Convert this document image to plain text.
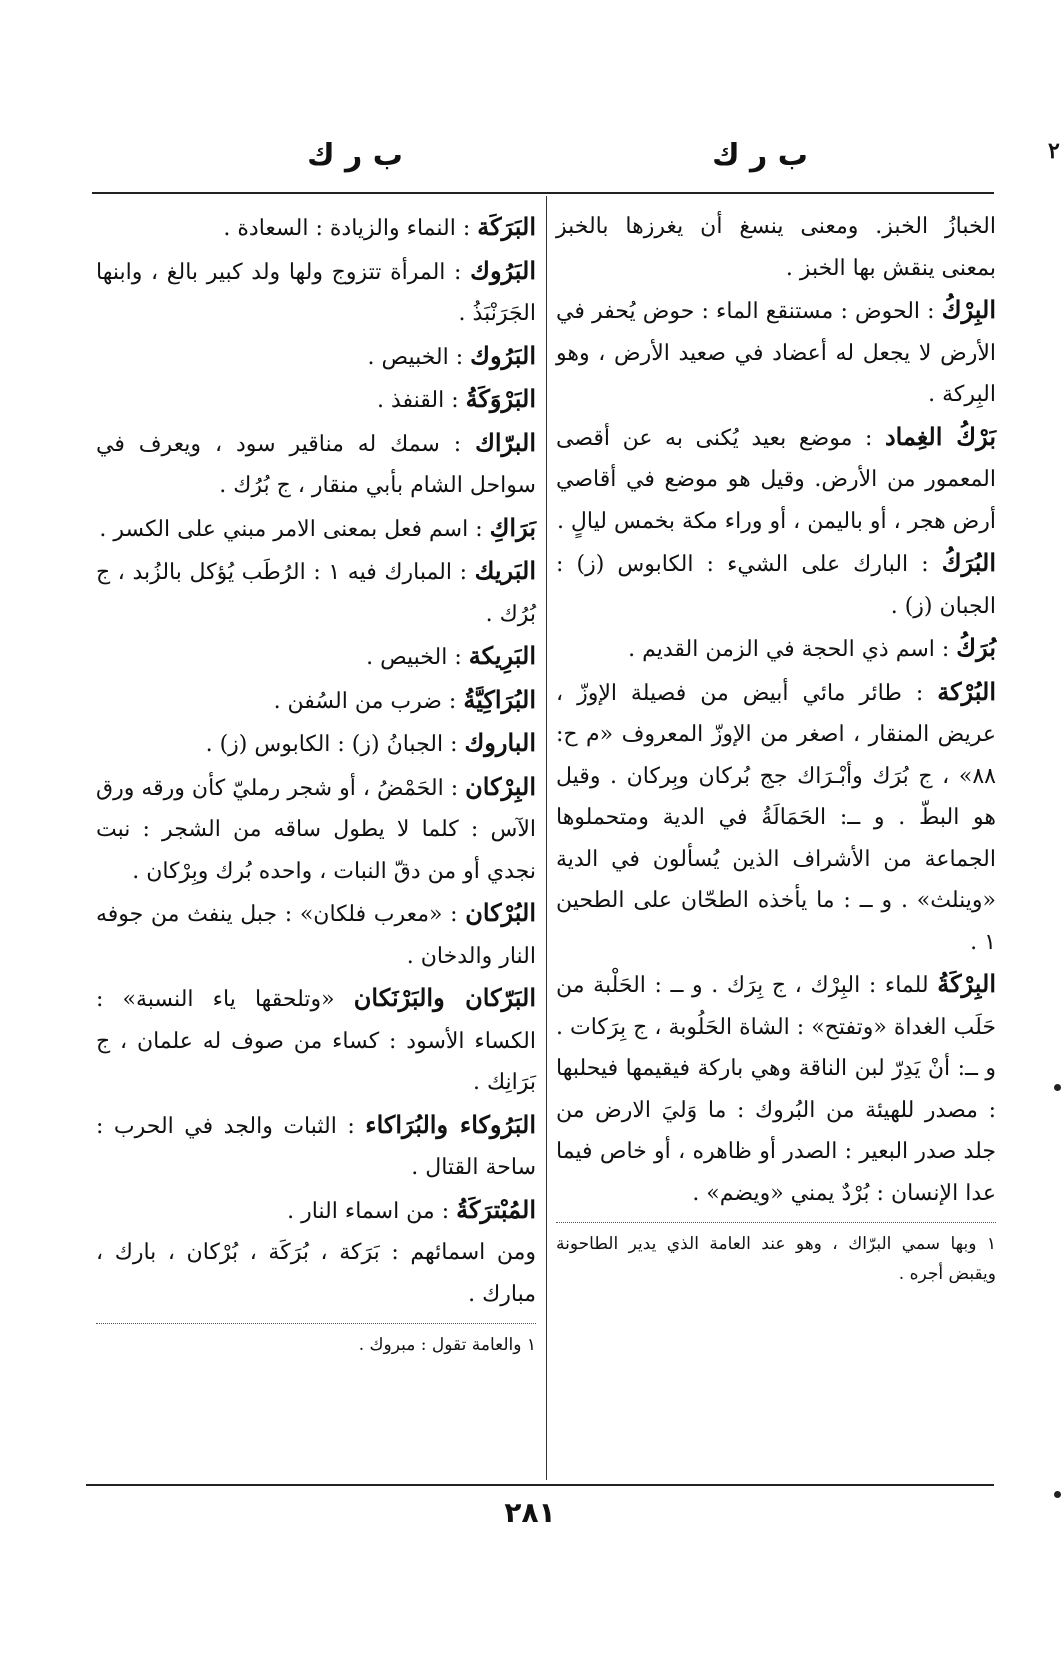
ب ر ك
ب ر ك	٢

الخبازُ الخبز. ومعنى ينسغ أن يغرزها بالخبز بمعنى ينقش بها الخبز .

البِرْكُ : الحوض : مستنقع الماء : حوض يُحفر في الأرض لا يجعل له أعضاد في صعيد الأرض ، وهو البِركة .

بَرْكُ الغِماد : موضع بعيد يُكنى به عن أقصى المعمور من الأرض. وقيل هو موضع في أقاصي أرض هجر ، أو باليمن ، أو وراء مكة بخمس ليالٍ .

البُرَكُ : البارك على الشيء : الكابوس (ز) : الجبان (ز) .

بُرَكُ : اسم ذي الحجة في الزمن القديم .

البُرْكة : طائر مائي أبيض من فصيلة الإوزّ ، عريض المنقار ، اصغر من الإوزّ المعروف «م ح: ٨٨» ، ج بُرَك وأبْـرَاك جج بُركان وبِركان . وقيل هو البطّ . و ــ: الحَمَالَةُ في الدية ومتحملوها الجماعة من الأشراف الذين يُسألون في الدية «وينلث» . و ــ : ما يأخذه الطحّان على الطحين ١ .

البِرْكَةُ للماء : البِرْك ، ج بِرَك . و ــ : الحَلْبة من حَلَب الغداة «وتفتح» : الشاة الحَلُوبة ، ج بِرَكات . و ــ: أنْ يَدِرّ لبن الناقة وهي باركة فيقيمها فيحلبها : مصدر للهيئة من البُروك : ما وَليَ الارض من جلد صدر البعير : الصدر أو ظاهره ، أو خاص فيما عدا الإنسان : بُرْدٌ يمني «ويضم» .

١ وبها سمي البرّاك ، وهو عند العامة الذي يدير الطاحونة ويقبض أجره .

البَرَكَة : النماء والزيادة : السعادة .

البَرُوك : المرأة تتزوج ولها ولد كبير بالغ ، وابنها الجَرَنْبَذُ .

البَرُوك : الخبيص .

البَرْوَكَةُ : القنفذ .

البرّاك : سمك له مناقير سود ، ويعرف في سواحل الشام بأبي منقار ، ج بُرُك .

بَرَاكِ : اسم فعل بمعنى الامر مبني على الكسر .

البَريك : المبارك فيه ١ : الرُطَب يُؤكل بالزُبد ، ج بُرُك .

البَرِيكة : الخبيص .

البُرَاكِيَّةُ : ضرب من السُفن .

الباروك : الجبانُ (ز) : الكابوس (ز) .

البِرْكان : الحَمْضُ ، أو شجر رمليّ كأن ورقه ورق الآس : كلما لا يطول ساقه من الشجر : نبت نجدي أو من دقّ النبات ، واحده بُرك وبِرْكان .

البُرْكان : «معرب فلكان» : جبل ينفث من جوفه النار والدخان .

البَرّكان والبَرْنَكان «وتلحقها ياء النسبة» : الكساء الأسود : كساء من صوف له علمان ، ج بَرَانِك .

البَرُوكاء والبُرَاكاء : الثبات والجد في الحرب : ساحة القتال .

المُبْترَكَةُ : من اسماء النار .

ومن اسمائهم : بَرَكة ، بُرَكَة ، بُرْكان ، بارك ، مبارك .

١ والعامة تقول : مبروك .
٢٨١
